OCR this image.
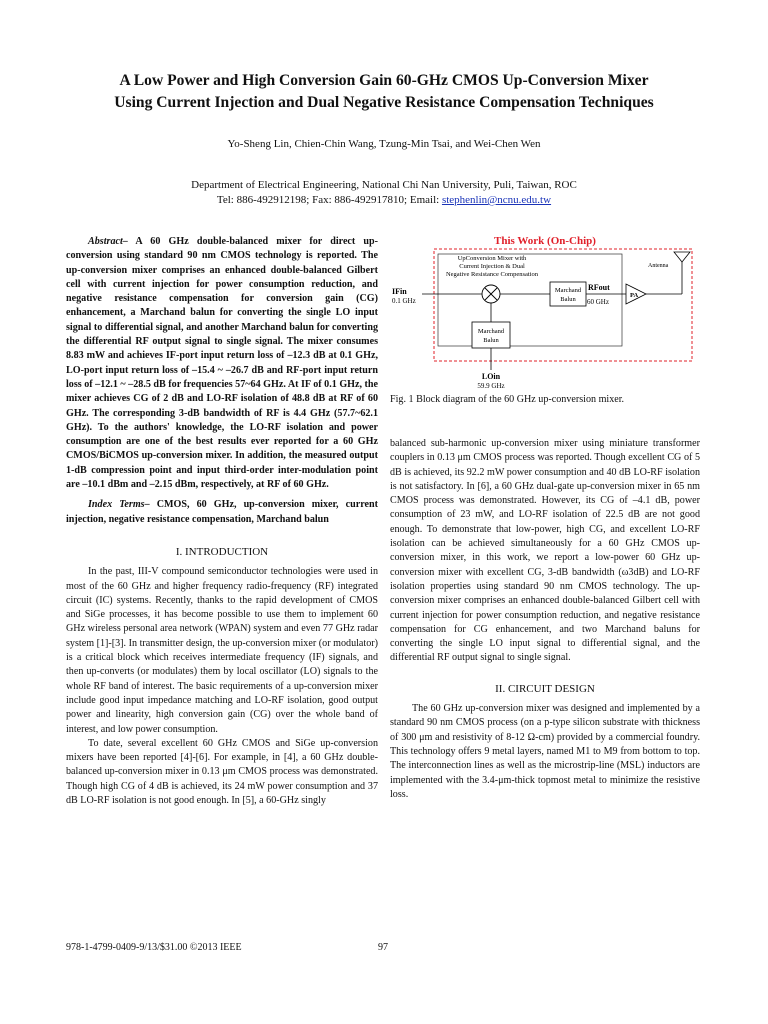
A Low Power and High Conversion Gain 60-GHz CMOS Up-Conversion Mixer
Using Current Injection and Dual Negative Resistance Compensation Techniques
Yo-Sheng Lin, Chien-Chin Wang, Tzung-Min Tsai, and Wei-Chen Wen
Department of Electrical Engineering, National Chi Nan University, Puli, Taiwan, ROC
Tel: 886-492912198; Fax: 886-492917810; Email: stephenlin@ncnu.edu.tw

Abstract– A 60 GHz double-balanced mixer for direct up-conversion using standard 90 nm CMOS technology is reported. The up-conversion mixer comprises an enhanced double-balanced Gilbert cell with current injection for power consumption reduction, and negative resistance compensation for conversion gain (CG) enhancement, a Marchand balun for converting the single LO input signal to differential signal, and another Marchand balun for converting the differential RF output signal to single signal. The mixer consumes 8.83 mW and achieves IF-port input return loss of –12.3 dB at 0.1 GHz, LO-port input return loss of –15.4 ~ –26.7 dB and RF-port input return loss of –12.1 ~ –28.5 dB for frequencies 57~64 GHz. At IF of 0.1 GHz, the mixer achieves CG of 2 dB and LO-RF isolation of 48.8 dB at RF of 60 GHz. The corresponding 3-dB bandwidth of RF is 4.4 GHz (57.7~62.1 GHz). To the authors' knowledge, the LO-RF isolation and power consumption are one of the best results ever reported for a 60 GHz CMOS/BiCMOS up-conversion mixer. In addition, the measured output 1-dB compression point and input third-order inter-modulation point are –10.1 dBm and –2.15 dBm, respectively, at RF of 60 GHz.

Index Terms– CMOS, 60 GHz, up-conversion mixer, current injection, negative resistance compensation, Marchand balun

I. INTRODUCTION

In the past, III-V compound semiconductor technologies were used in most of the 60 GHz and higher frequency radio-frequency (RF) integrated circuit (IC) systems. Recently, thanks to the rapid development of CMOS and SiGe processes, it has become possible to use them to implement 60 GHz wireless personal area network (WPAN) system and even 77 GHz radar system [1]-[3]. In transmitter design, the up-conversion mixer (or modulator) is a critical block which receives intermediate frequency (IF) signals, and then up-converts (or modulates) them by local oscillator (LO) signals to the whole RF band of interest. The basic requirements of a up-conversion mixer include good input impedance matching and LO-RF isolation, good output power and linearity, high conversion gain (CG) over the whole band of interest, and low power consumption.

To date, several excellent 60 GHz CMOS and SiGe up-conversion mixers have been reported [4]-[6]. For example, in [4], a 60 GHz double-balanced up-conversion mixer in 0.13 μm CMOS process was demonstrated. Though high CG of 4 dB is achieved, its 24 mW power consumption and 37 dB LO-RF isolation is not good enough. In [5], a 60-GHz singly

This Work (On-Chip)
UpConversion Mixer with
Current Injection & Dual
Negative Resistance Compensation
IFin
0.1 GHz
Marchand
Balun
RFout
60 GHz
PA
Antenna
Marchand
Balun
LOin
59.9 GHz
Fig. 1 Block diagram of the 60 GHz up-conversion mixer.

balanced sub-harmonic up-conversion mixer using miniature transformer couplers in 0.13 μm CMOS process was reported. Though excellent CG of 5 dB is achieved, its 92.2 mW power consumption and 40 dB LO-RF isolation is not satisfactory. In [6], a 60 GHz dual-gate up-conversion mixer in 65 nm CMOS process was demonstrated. However, its CG of –4.1 dB, power consumption of 23 mW, and LO-RF isolation of 22.5 dB are not good enough. To demonstrate that low-power, high CG, and excellent LO-RF isolation can be achieved simultaneously for a 60 GHz CMOS up-conversion mixer, in this work, we report a low-power 60 GHz up-conversion mixer with excellent CG, 3-dB bandwidth (ω3dB) and LO-RF isolation properties using standard 90 nm CMOS technology. The up-conversion mixer comprises an enhanced double-balanced Gilbert cell with current injection for power consumption reduction, and negative resistance compensation for CG enhancement, and two Marchand baluns for converting the single LO input signal to differential signal, and the differential RF output signal to single signal.

II. CIRCUIT DESIGN

The 60 GHz up-conversion mixer was designed and implemented by a standard 90 nm CMOS process (on a p-type silicon substrate with thickness of 300 μm and resistivity of 8-12 Ω-cm) provided by a commercial foundry. This technology offers 9 metal layers, named M1 to M9 from bottom to top. The interconnection lines as well as the microstrip-line (MSL) inductors are implemented with the 3.4-μm-thick topmost metal to minimize the resistive loss.

978-1-4799-0409-9/13/$31.00 ©2013 IEEE	97
